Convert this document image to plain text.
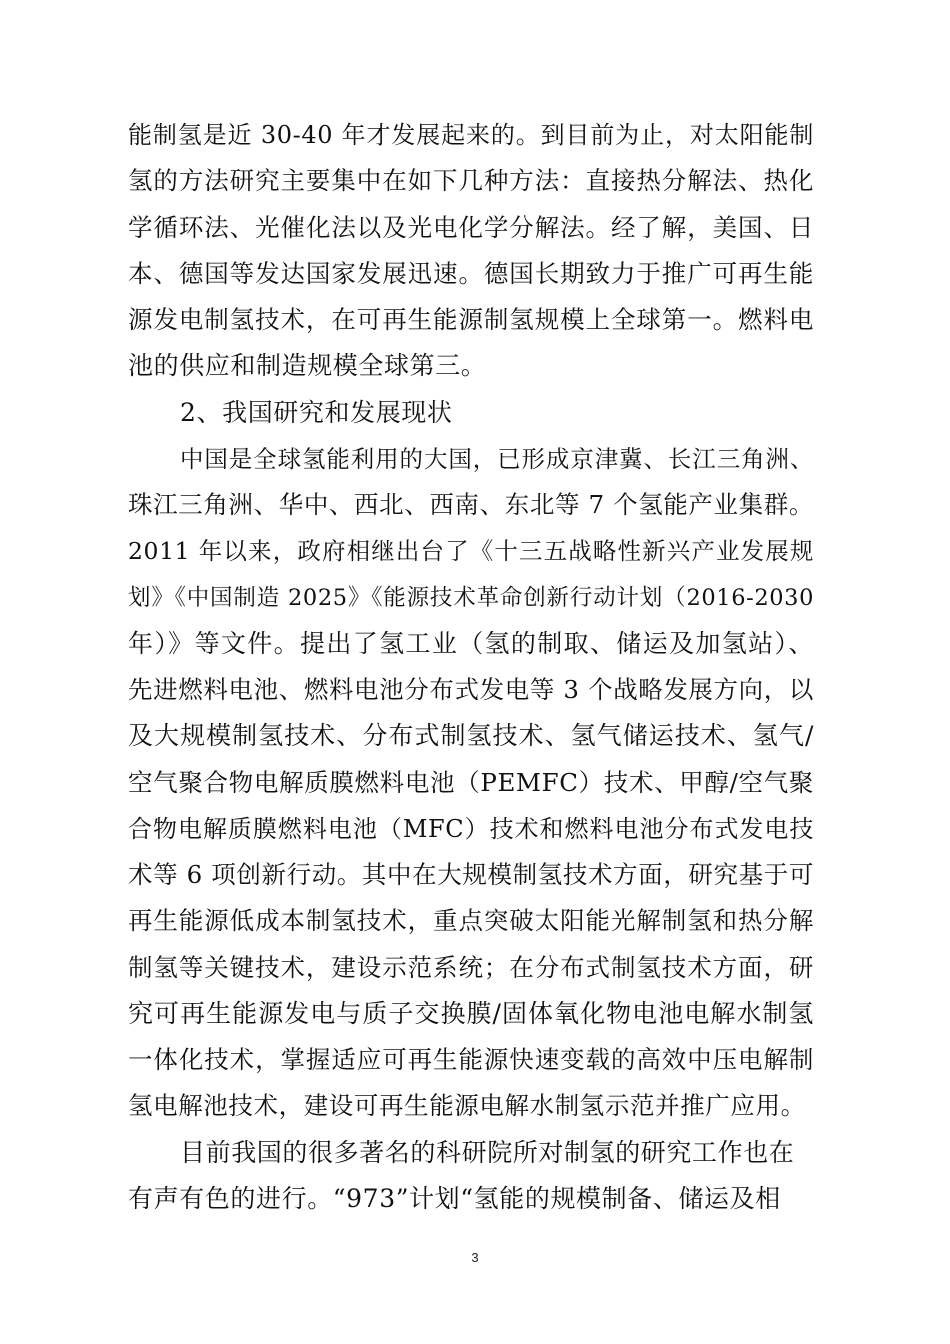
能制氢是近 30-40 年才发展起来的。到目前为止，对太阳能制
氢的方法研究主要集中在如下几种方法：直接热分解法、热化
学循环法、光催化法以及光电化学分解法。经了解，美国、日
本、德国等发达国家发展迅速。德国长期致力于推广可再生能
源发电制氢技术，在可再生能源制氢规模上全球第一。燃料电
池的供应和制造规模全球第三。
2、我国研究和发展现状
中国是全球氢能利用的大国，已形成京津冀、长江三角洲、
珠江三角洲、华中、西北、西南、东北等 7 个氢能产业集群。
2011 年以来，政府相继出台了《十三五战略性新兴产业发展规
划》《中国制造 2025》《能源技术革命创新行动计划（2016-2030
年）》等文件。提出了氢工业（氢的制取、储运及加氢站）、
先进燃料电池、燃料电池分布式发电等 3 个战略发展方向，以
及大规模制氢技术、分布式制氢技术、氢气储运技术、氢气/
空气聚合物电解质膜燃料电池（PEMFC）技术、甲醇/空气聚
合物电解质膜燃料电池（MFC）技术和燃料电池分布式发电技
术等 6 项创新行动。其中在大规模制氢技术方面，研究基于可
再生能源低成本制氢技术，重点突破太阳能光解制氢和热分解
制氢等关键技术，建设示范系统；在分布式制氢技术方面，研
究可再生能源发电与质子交换膜/固体氧化物电池电解水制氢
一体化技术，掌握适应可再生能源快速变载的高效中压电解制
氢电解池技术，建设可再生能源电解水制氢示范并推广应用。
目前我国的很多著名的科研院所对制氢的研究工作也在
有声有色的进行。“973”计划“氢能的规模制备、储运及相
3
